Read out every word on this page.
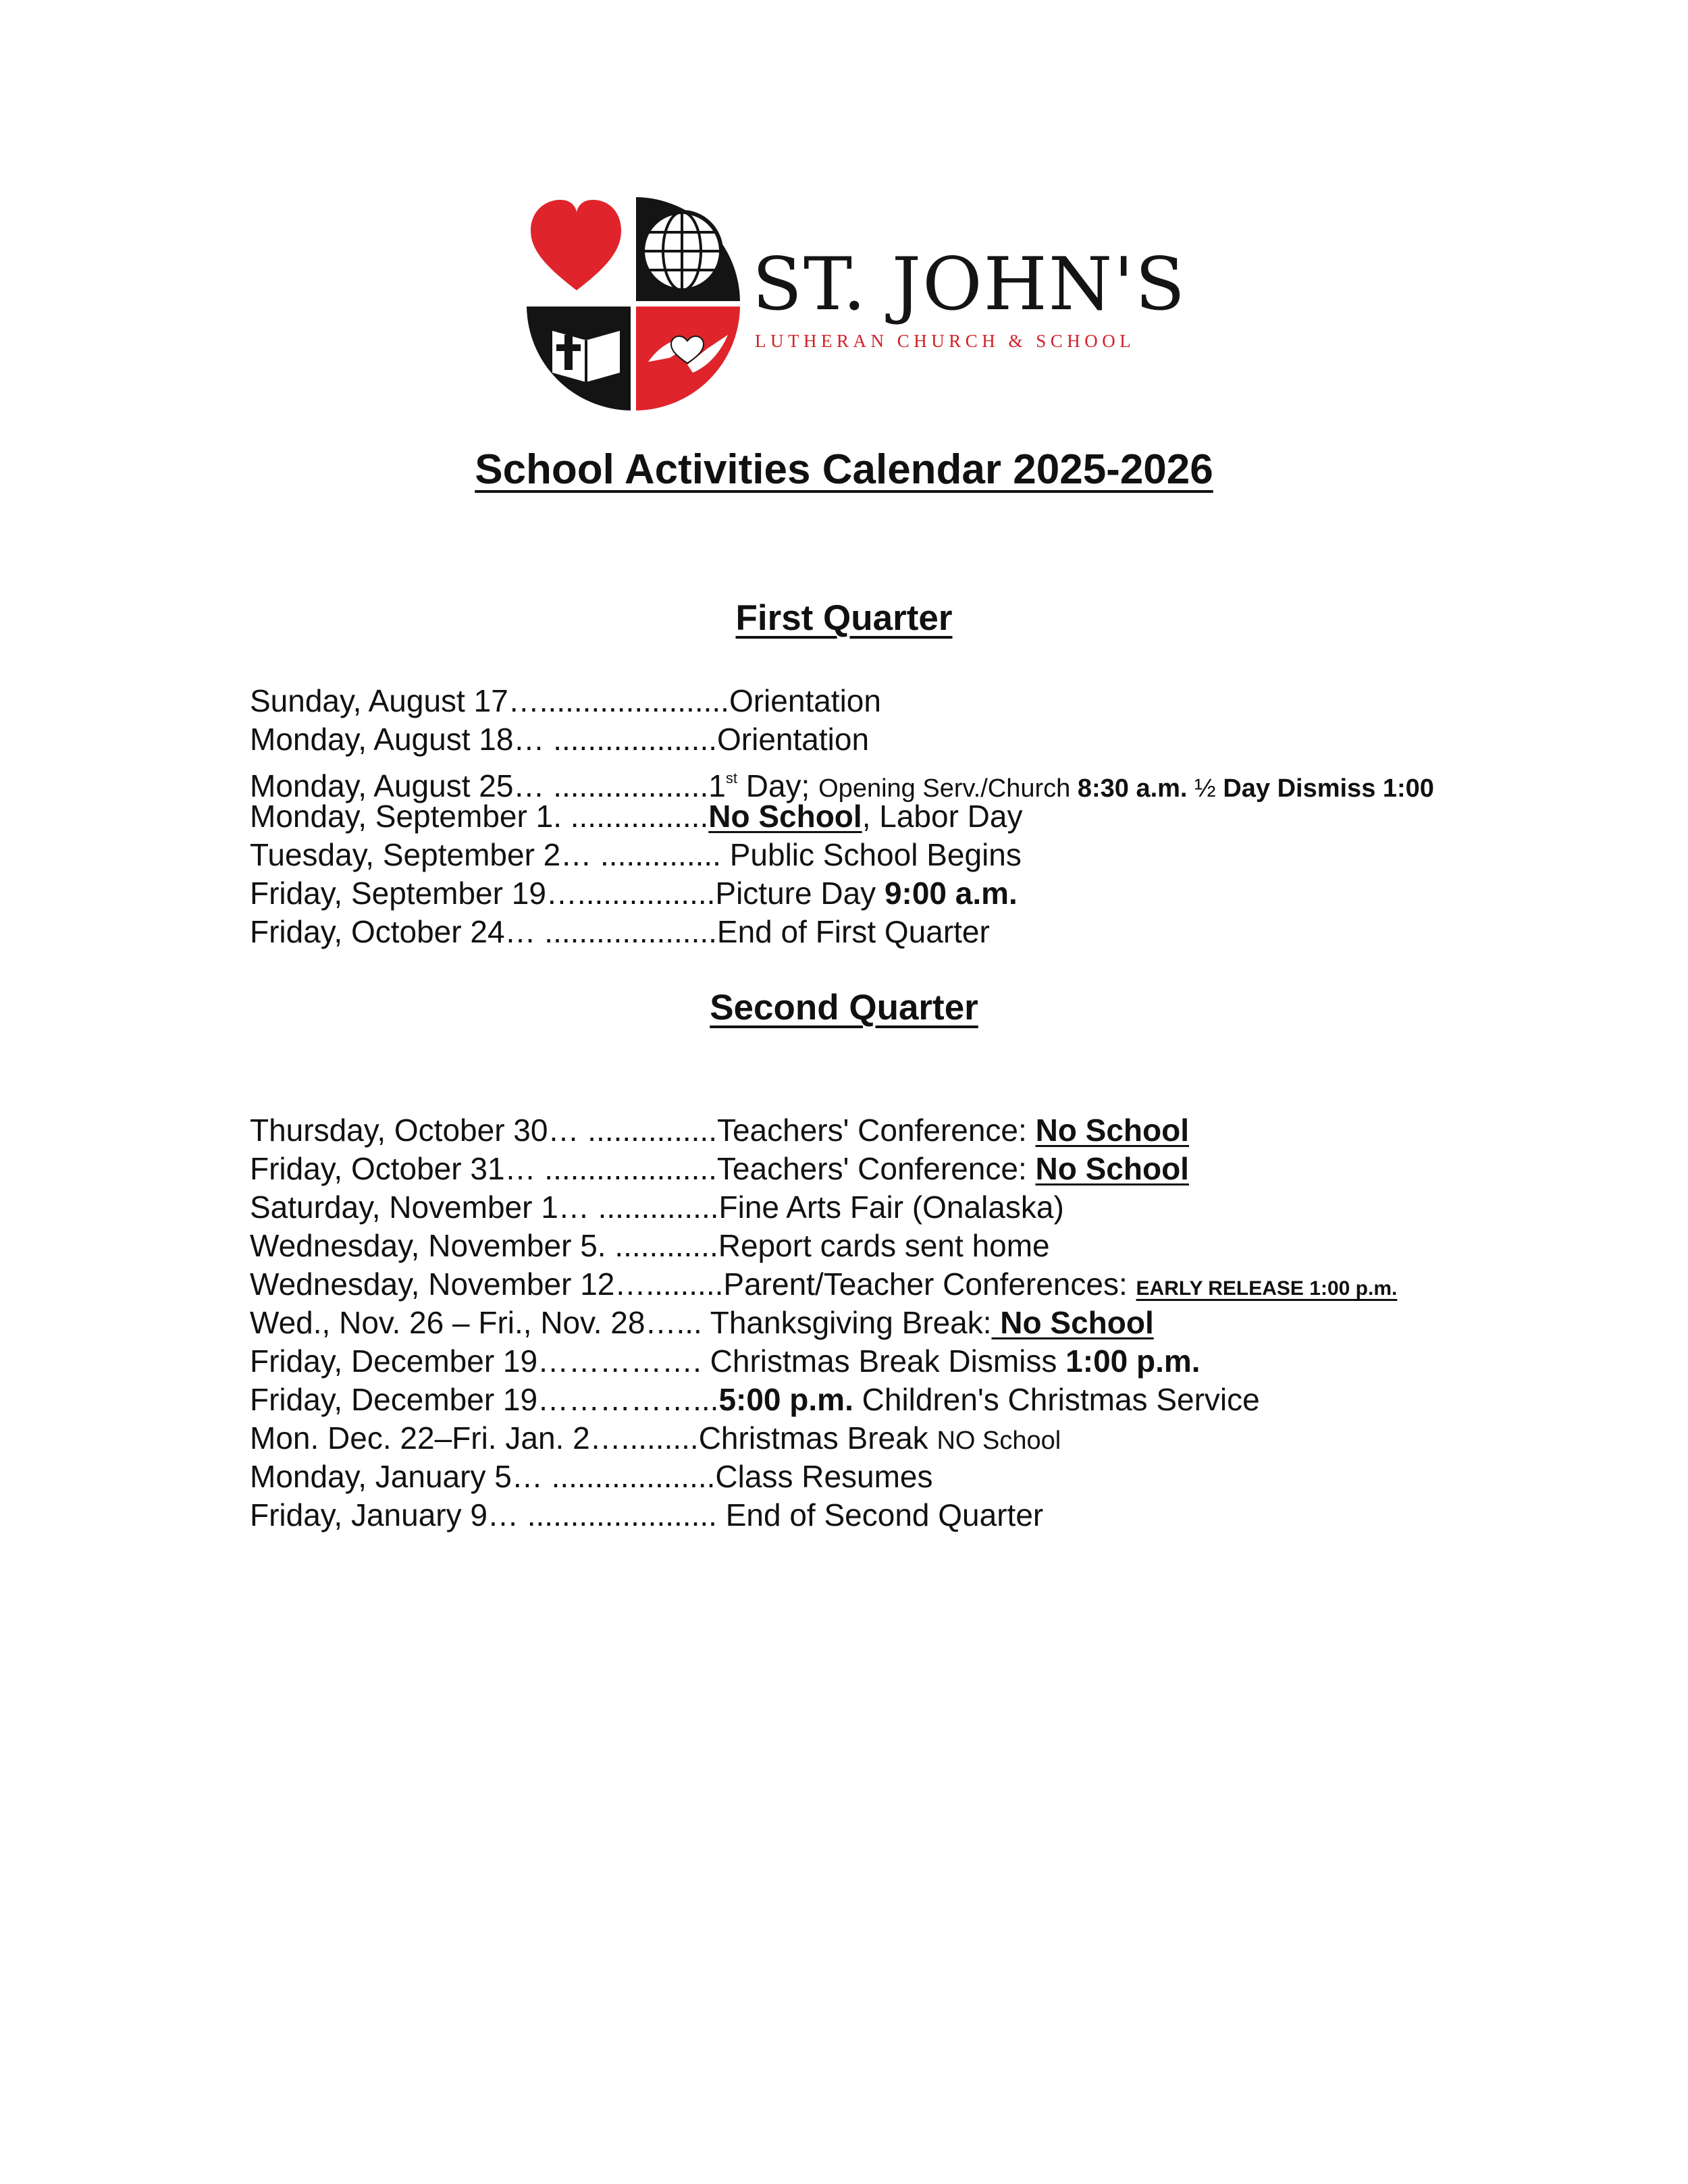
ST. JOHN'S
LUTHERAN CHURCH & SCHOOL
School Activities Calendar 2025-2026
First Quarter
Sunday, August 17…......................Orientation
Monday, August 18… ...................Orientation
Monday, August 25… ..................1st Day; Opening Serv./Church 8:30 a.m. ½ Day Dismiss 1:00
Monday, September 1. ................No School, Labor Day
Tuesday, September 2… .............. Public School Begins
Friday, September 19…................Picture Day 9:00 a.m.
Friday, October 24… ....................End of First Quarter
Second Quarter
Thursday, October 30… ...............Teachers' Conference: No School
Friday, October 31… ....................Teachers' Conference: No School
Saturday, November 1… ..............Fine Arts Fair (Onalaska)
Wednesday, November 5. ............Report cards sent home
Wednesday, November 12….........Parent/Teacher Conferences: EARLY RELEASE 1:00 p.m.
Wed., Nov. 26 – Fri., Nov. 28…... Thanksgiving Break: No School
Friday, December 19……………. Christmas Break Dismiss 1:00 p.m.
Friday, December 19……………...5:00 p.m. Children's Christmas Service
Mon. Dec. 22–Fri. Jan. 2….........Christmas Break NO School
Monday, January 5… ...................Class Resumes
Friday, January 9… ...................... End of Second Quarter
